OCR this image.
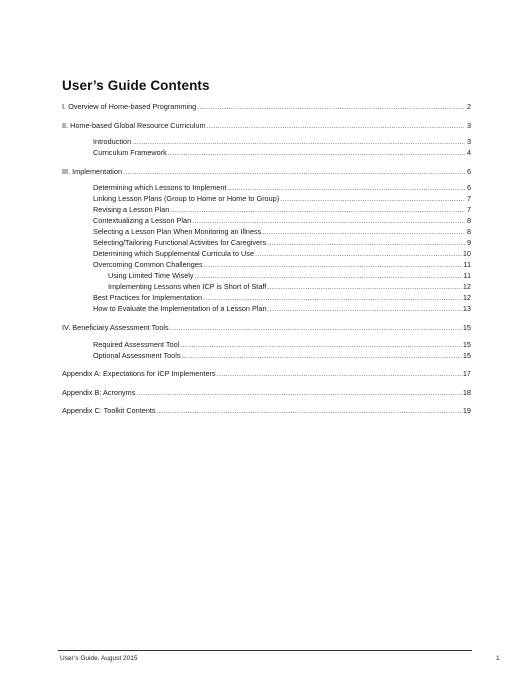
User’s Guide Contents
I. Overview of Home-based Programming .....	2
II. Home-based Global Resource Curriculum .....	3
Introduction .....	3
Curriculum Framework .....	4
III. Implementation .....	6
Determining which Lessons to Implement .....	6
Linking Lesson Plans (Group to Home or Home to Group) .....	7
Revising a Lesson Plan .....	7
Contextualizing a Lesson Plan .....	8
Selecting a Lesson Plan When Monitoring an Illness .....	8
Selecting/Tailoring Functional Activities for Caregivers .....	9
Determining which Supplemental Curricula to Use .....	10
Overcoming Common Challenges .....	11
Using Limited Time Wisely .....	11
Implementing Lessons when ICP is Short of Staff .....	12
Best Practices for Implementation .....	12
How to Evaluate the Implementation of a Lesson Plan .....	13
IV. Beneficiary Assessment Tools .....	15
Required Assessment Tool .....	15
Optional Assessment Tools .....	15
Appendix A: Expectations for ICP Implementers .....	17
Appendix B: Acronyms .....	18
Appendix C: Toolkit Contents .....	19
User’s Guide, August 2015	1
